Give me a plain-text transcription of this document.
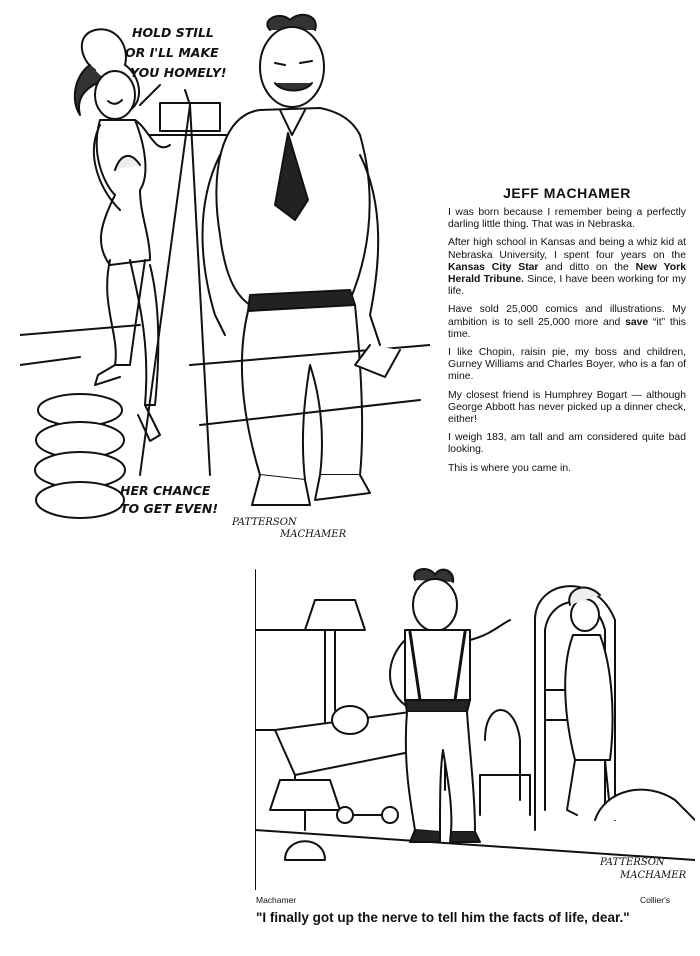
HOLD STILL
OR I'LL MAKE
YOU HOMELY!
HER CHANCE
TO GET EVEN!
PATTERSON
MACHAMER
JEFF MACHAMER

I was born because I remember being a perfectly darling little thing. That was in Nebraska.

After high school in Kansas and being a whiz kid at Nebraska University, I spent four years on the Kansas City Star and ditto on the New York Herald Tribune. Since, I have been working for my life.

Have sold 25,000 comics and illustrations. My ambition is to sell 25,000 more and save “it” this time.

I like Chopin, raisin pie, my boss and children, Gurney Williams and Charles Boyer, who is a fan of mine.

My closest friend is Humphrey Bogart — although George Abbott has never picked up a dinner check, either!

I weigh 183, am tall and am considered quite bad looking.

This is where you came in.

PATTERSON
MACHAMER
Machamer	Collier's
"I finally got up the nerve to tell him the facts of life, dear."
